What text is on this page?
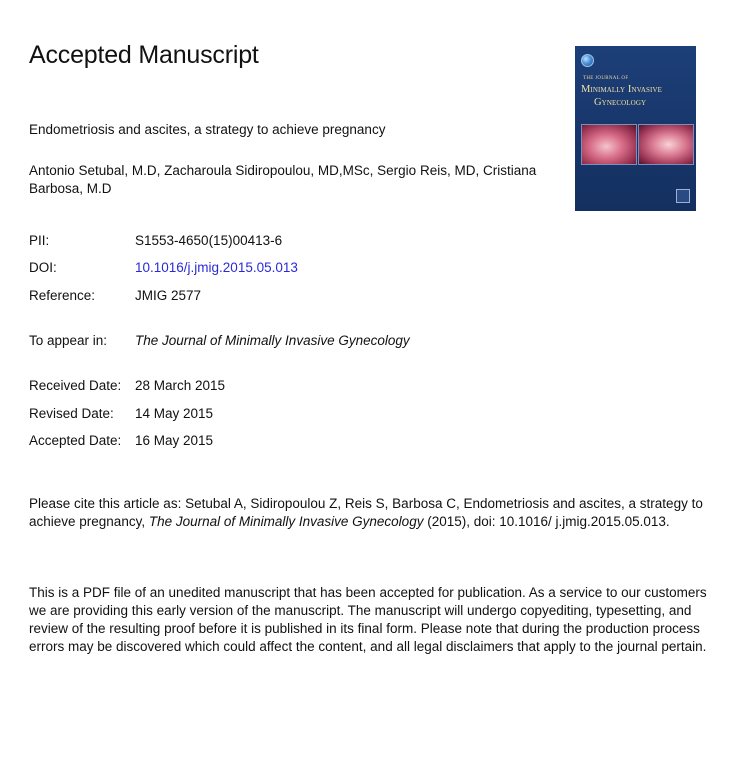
Accepted Manuscript
THE JOURNAL OF
Minimally Invasive
Gynecology
Endometriosis and ascites, a strategy to achieve pregnancy
Antonio Setubal, M.D, Zacharoula Sidiropoulou, MD,MSc, Sergio Reis, MD, Cristiana Barbosa, M.D
PII:	S1553-4650(15)00413-6
DOI:	10.1016/j.jmig.2015.05.013
Reference:	JMIG 2577
To appear in: The Journal of Minimally Invasive Gynecology
Received Date: 28 March 2015
Revised Date: 14 May 2015
Accepted Date: 16 May 2015
Please cite this article as: Setubal A, Sidiropoulou Z, Reis S, Barbosa C, Endometriosis and ascites, a strategy to achieve pregnancy, The Journal of Minimally Invasive Gynecology (2015), doi: 10.1016/ j.jmig.2015.05.013.
This is a PDF file of an unedited manuscript that has been accepted for publication. As a service to our customers we are providing this early version of the manuscript. The manuscript will undergo copyediting, typesetting, and review of the resulting proof before it is published in its final form. Please note that during the production process errors may be discovered which could affect the content, and all legal disclaimers that apply to the journal pertain.
